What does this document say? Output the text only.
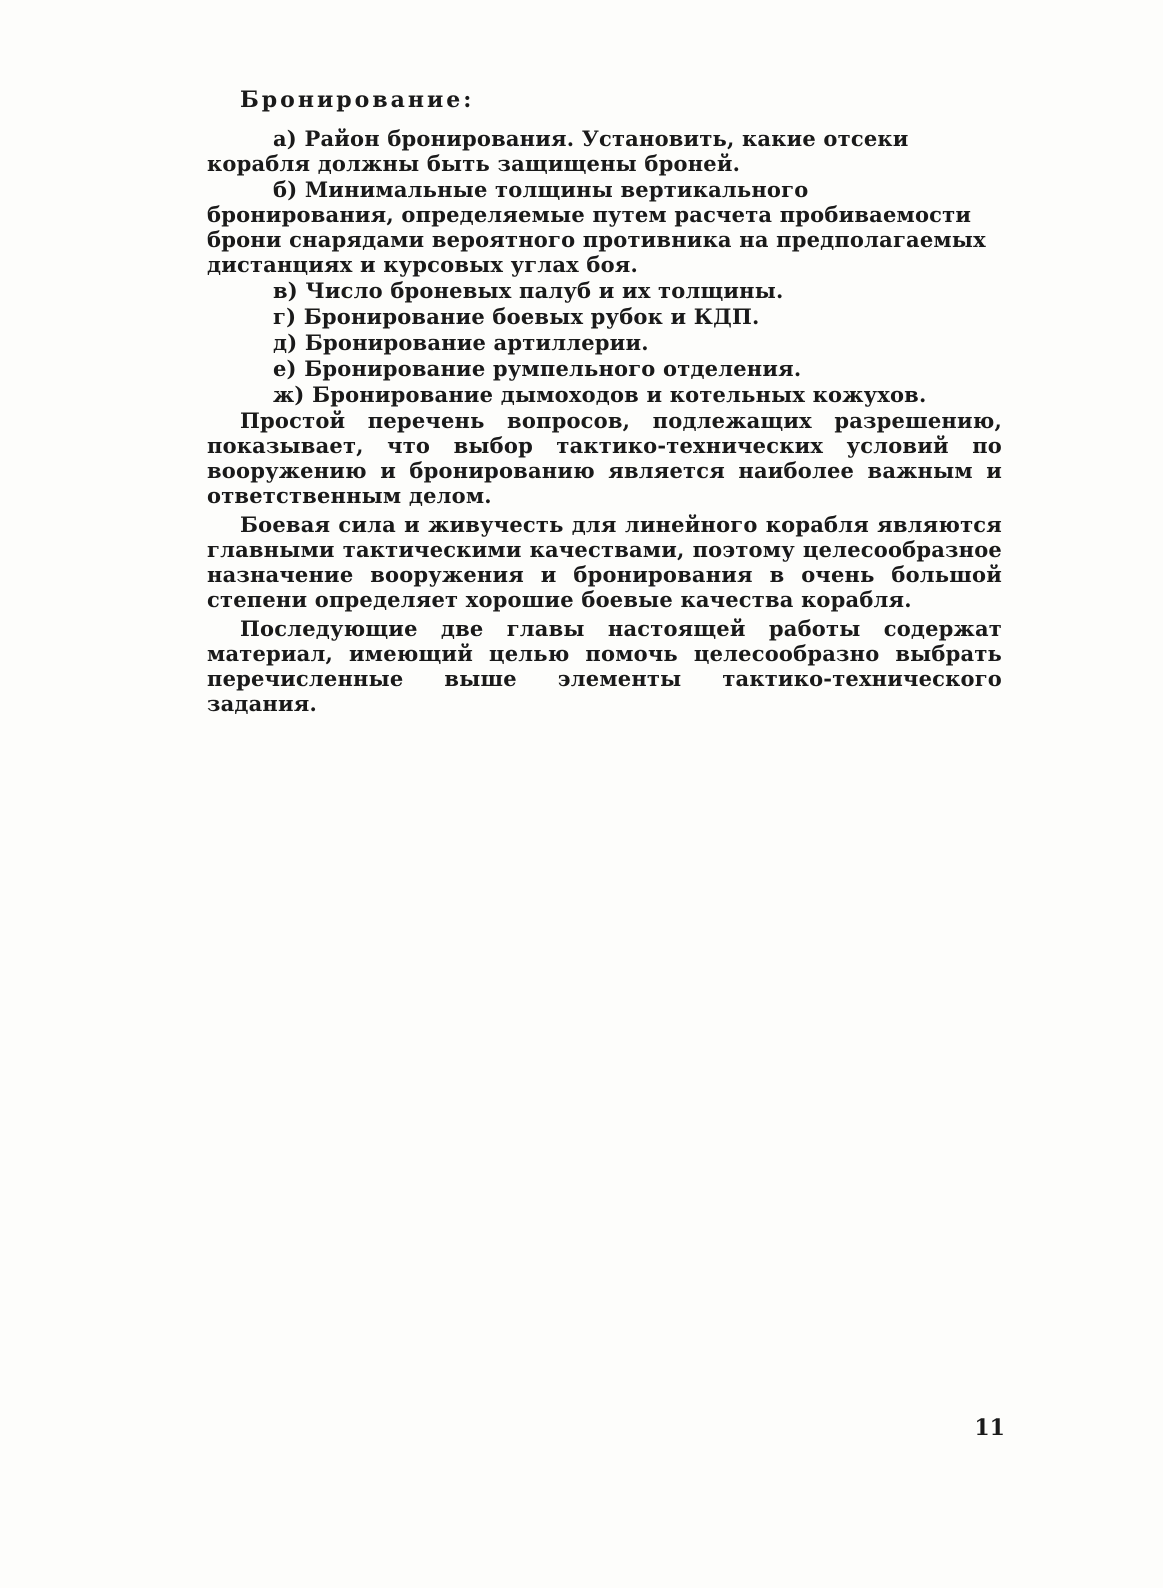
Бронирование:

а) Район бронирования. Установить, какие отсеки корабля должны быть защищены броней.

б) Минимальные толщины вертикального бронирования, определяемые путем расчета пробиваемости брони снарядами вероятного противника на предполагаемых дистанциях и курсовых углах боя.

в) Число броневых палуб и их толщины.

г) Бронирование боевых рубок и КДП.

д) Бронирование артиллерии.

е) Бронирование румпельного отделения.

ж) Бронирование дымоходов и котельных кожухов.

Простой перечень вопросов, подлежащих разрешению, показывает, что выбор тактико-технических условий по вооружению и бронированию является наиболее важным и ответственным делом.

Боевая сила и живучесть для линейного корабля являются главными тактическими качествами, поэтому целесообразное назначение вооружения и бронирования в очень большой степени определяет хорошие боевые качества корабля.

Последующие две главы настоящей работы содержат материал, имеющий целью помочь целесообразно выбрать перечисленные выше элементы тактико-технического задания.

11
